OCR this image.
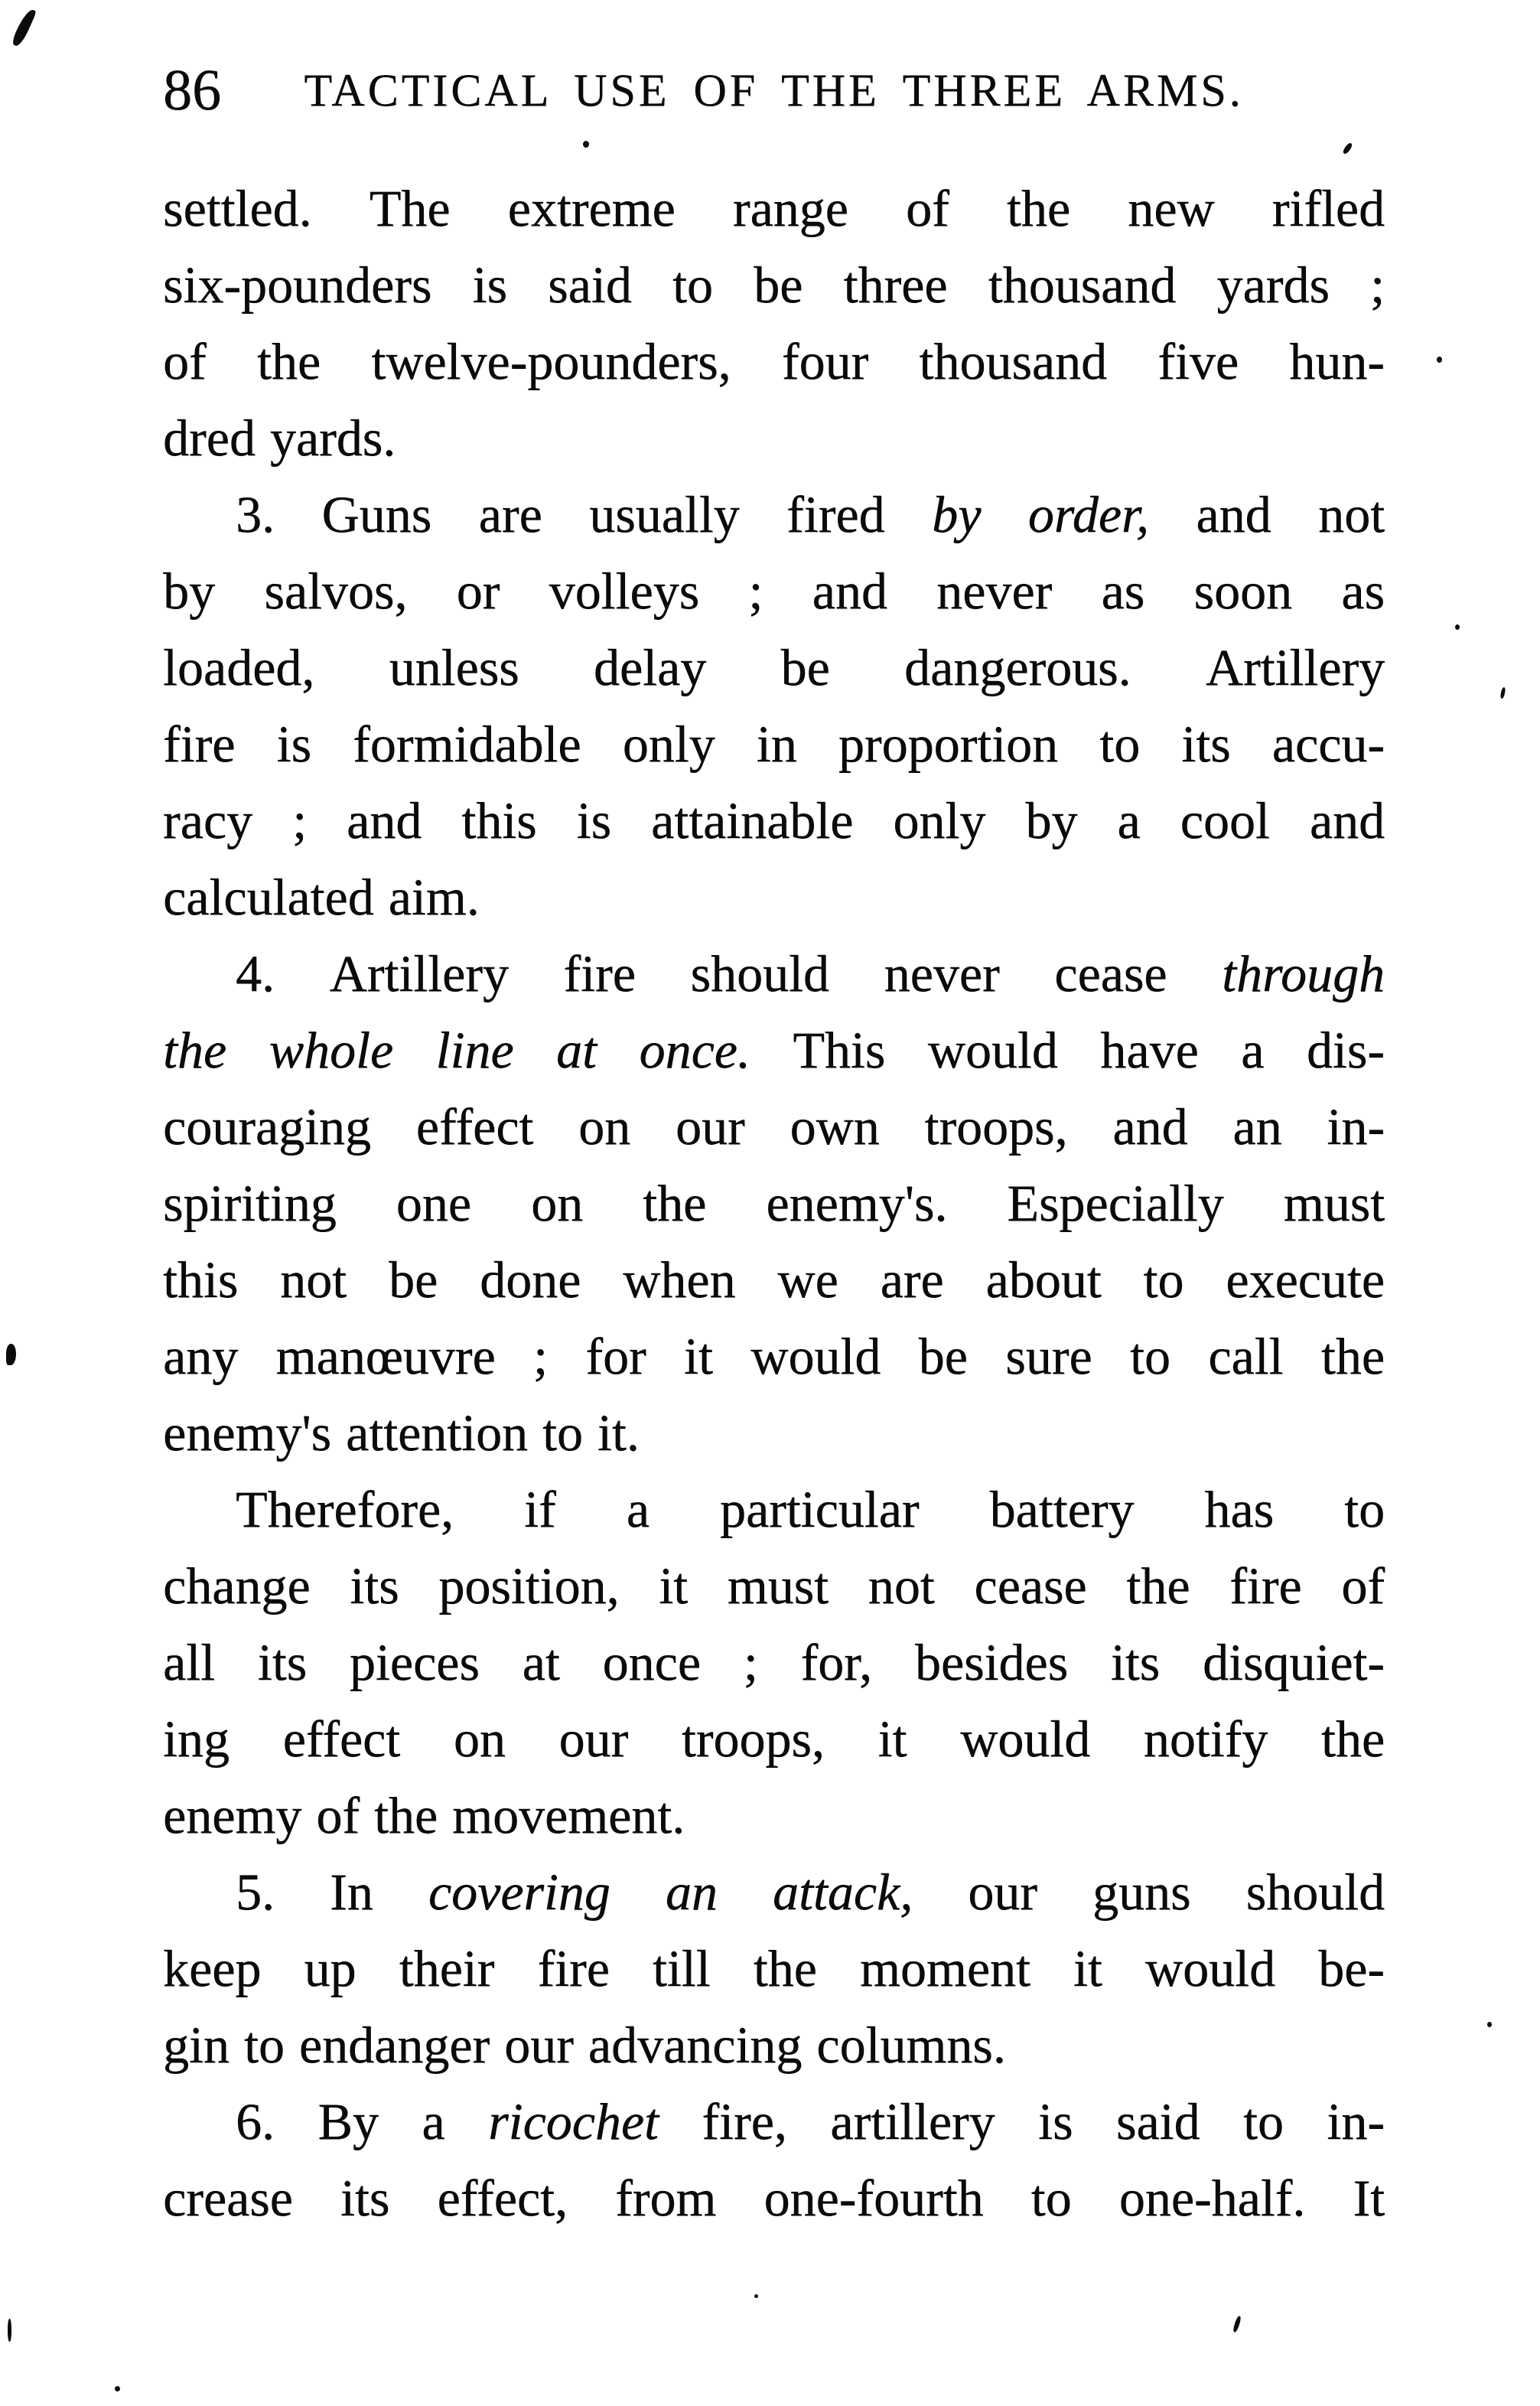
86	TACTICAL USE OF THE THREE ARMS.
settled. The extreme range of the new rifled
six-pounders is said to be three thousand yards ;
of the twelve-pounders, four thousand five hun-
dred yards.
3. Guns are usually fired by order, and not
by salvos, or volleys ; and never as soon as
loaded, unless delay be dangerous. Artillery
fire is formidable only in proportion to its accu-
racy ; and this is attainable only by a cool and
calculated aim.
4. Artillery fire should never cease through
the whole line at once. This would have a dis-
couraging effect on our own troops, and an in-
spiriting one on the enemy's. Especially must
this not be done when we are about to execute
any manœuvre ; for it would be sure to call the
enemy's attention to it.
Therefore, if a particular battery has to
change its position, it must not cease the fire of
all its pieces at once ; for, besides its disquiet-
ing effect on our troops, it would notify the
enemy of the movement.
5. In covering an attack, our guns should
keep up their fire till the moment it would be-
gin to endanger our advancing columns.
6. By a ricochet fire, artillery is said to in-
crease its effect, from one-fourth to one-half. It
